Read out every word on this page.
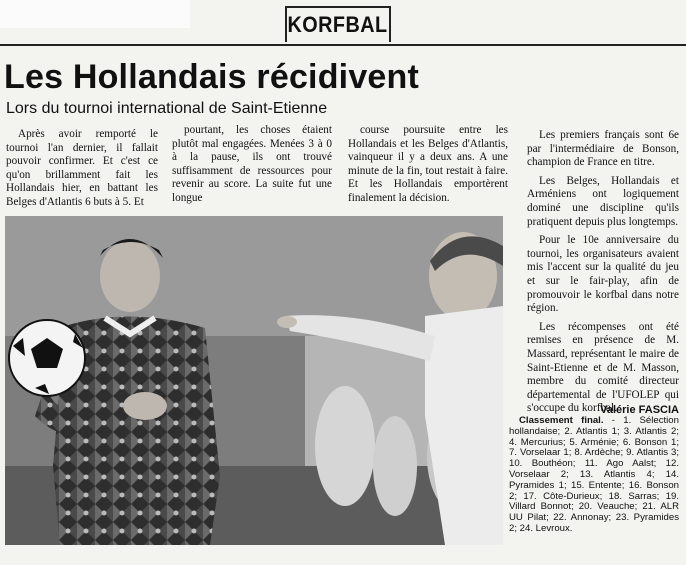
KORFBAL
Les Hollandais récidivent
Lors du tournoi international de Saint-Etienne

Après avoir remporté le tournoi l'an dernier, il fallait pouvoir confirmer. Et c'est ce qu'on brillamment fait les Hollandais hier, en battant les Belges d'Atlantis 6 buts à 5. Et

pourtant, les choses étaient plutôt mal engagées. Menées 3 à 0 à la pause, ils ont trouvé suffisamment de ressources pour revenir au score. La suite fut une longue

course poursuite entre les Hollandais et les Belges d'Atlantis, vainqueur il y a deux ans. A une minute de la fin, tout restait à faire. Et les Hollandais emportèrent finalement la décision.

Les premiers français sont 6e par l'intermédiaire de Bonson, champion de France en titre.

Les Belges, Hollandais et Arméniens ont logiquement dominé une discipline qu'ils pratiquent depuis plus longtemps.

Pour le 10e anniversaire du tournoi, les organisateurs avaient mis l'accent sur la qualité du jeu et sur le fair-play, afin de promouvoir le korfbal dans notre région.

Les récompenses ont été remises en présence de M. Massard, représentant le maire de Saint-Etienne et de M. Masson, membre du comité directeur départemental de l'UFOLEP qui s'occupe du korfbal.

Valérie FASCIA

Classement final. - 1. Sélection hollandaise; 2. Atlantis 1; 3. Atlantis 2; 4. Mercurius; 5. Arménie; 6. Bonson 1; 7. Vorselaar 1; 8. Ardèche; 9. Atlantis 3; 10. Bouthéon; 11. Ago Aalst; 12. Vorselaar 2; 13. Atlantis 4; 14. Pyramides 1; 15. Entente; 16. Bonson 2; 17. Côte-Durieux; 18. Sarras; 19. Villard Bonnot; 20. Veauche; 21. ALR UU Pilat; 22. Annonay; 23. Pyramides 2; 24. Levroux.
